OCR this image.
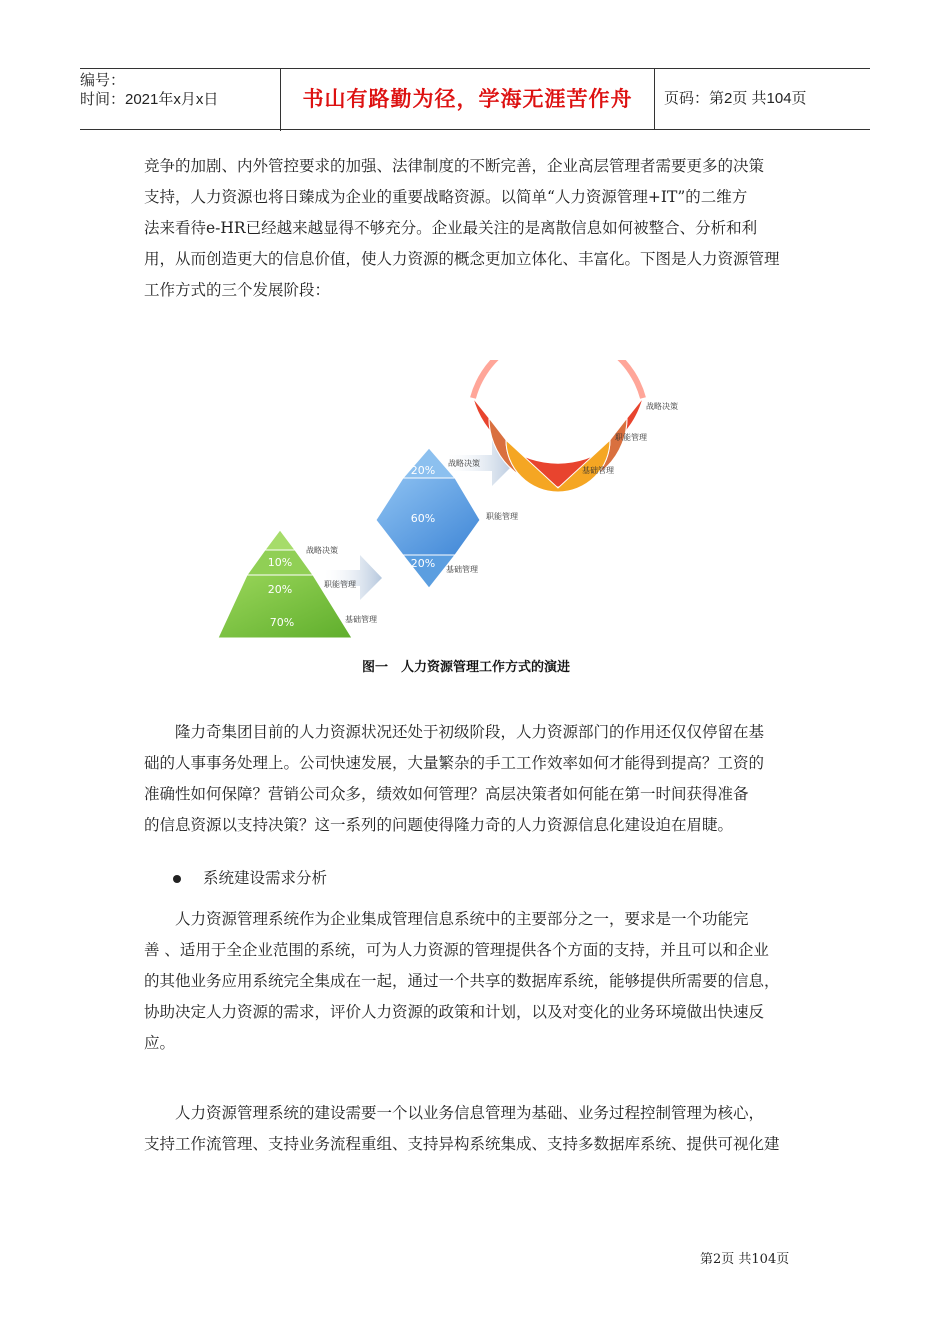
编号：
时间：2021年x月x日	书山有路勤为径，学海无涯苦作舟	页码：第2页 共104页
竞争的加剧、内外管控要求的加强、法律制度的不断完善，企业高层管理者需要更多的决策
支持，人力资源也将日臻成为企业的重要战略资源。以简单“人力资源管理+IT”的二维方
法来看待e-HR已经越来越显得不够充分。企业最关注的是离散信息如何被整合、分析和利
用，从而创造更大的信息价值，使人力资源的概念更加立体化、丰富化。下图是人力资源管理
工作方式的三个发展阶段：
10%
20%
70%
战略决策
职能管理
基础管理
20%
60%
20%
战略决策
职能管理
基础管理
40%
40%
20%
战略决策
职能管理
基础管理
图一　人力资源管理工作方式的演进
隆力奇集团目前的人力资源状况还处于初级阶段，人力资源部门的作用还仅仅停留在基
础的人事事务处理上。公司快速发展，大量繁杂的手工工作效率如何才能得到提高？工资的
准确性如何保障？营销公司众多，绩效如何管理？高层决策者如何能在第一时间获得准备
的信息资源以支持决策？这一系列的问题使得隆力奇的人力资源信息化建设迫在眉睫。
系统建设需求分析
人力资源管理系统作为企业集成管理信息系统中的主要部分之一，要求是一个功能完
善 、适用于全企业范围的系统，可为人力资源的管理提供各个方面的支持，并且可以和企业
的其他业务应用系统完全集成在一起，通过一个共享的数据库系统，能够提供所需要的信息，
协助决定人力资源的需求，评价人力资源的政策和计划，以及对变化的业务环境做出快速反
应。
人力资源管理系统的建设需要一个以业务信息管理为基础、业务过程控制管理为核心，
支持工作流管理、支持业务流程重组、支持异构系统集成、支持多数据库系统、提供可视化建
第2页 共104页
